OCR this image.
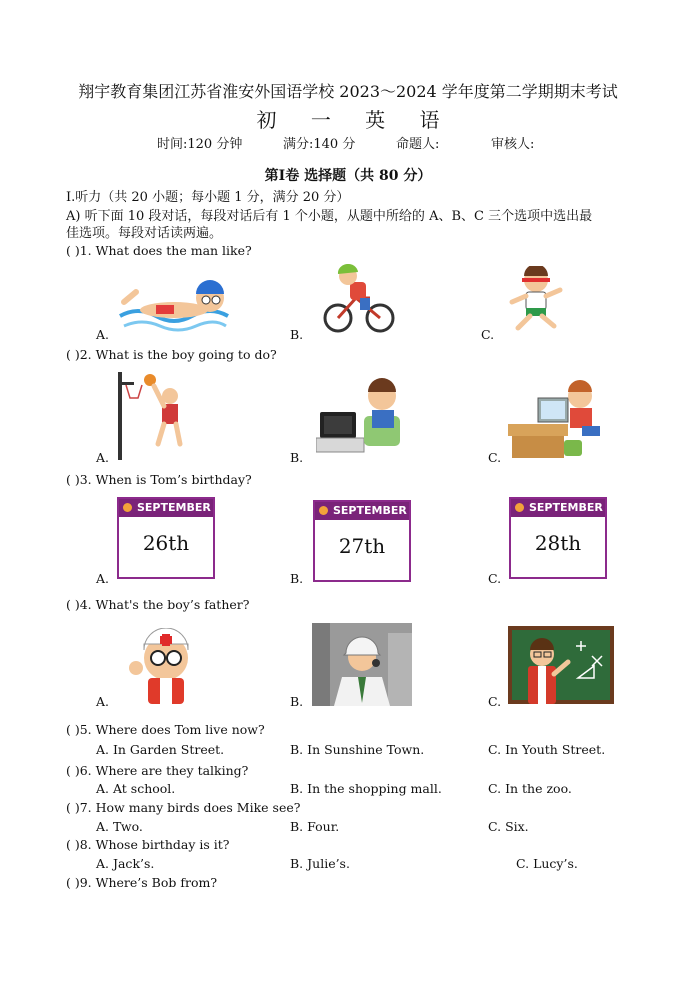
翔宇教育集团江苏省淮安外国语学校 2023～2024 学年度第二学期期末考试
初 一 英 语
时间:120 分钟	满分:140 分	命题人:	审核人:
第Ⅰ卷 选择题（共 80 分）
Ⅰ.听力（共 20 小题；每小题 1 分，满分 20 分）
A) 听下面 10 段对话，每段对话后有 1 个小题，从题中所给的 A、B、C 三个选项中选出最
佳选项。每段对话读两遍。
( )1. What does the man like?
A.	B.	C.
( )2. What is the boy going to do?
A.	B.	C.
( )3. When is Tom’s birthday?
SEPTEMBER
26th
A.
SEPTEMBER
27th
B.
SEPTEMBER
28th
C.
( )4. What's the boy’s father?
A.	B.	C.
( )5. Where does Tom live now?
A. In Garden Street.	B. In Sunshine Town.	C. In Youth Street.
( )6. Where are they talking?
A. At school.	B. In the shopping mall.	C. In the zoo.
( )7. How many birds does Mike see?
A. Two.	B. Four.	C. Six.
( )8. Whose birthday is it?
A. Jack’s.	B. Julie’s.	C. Lucy’s.
( )9. Where’s Bob from?
